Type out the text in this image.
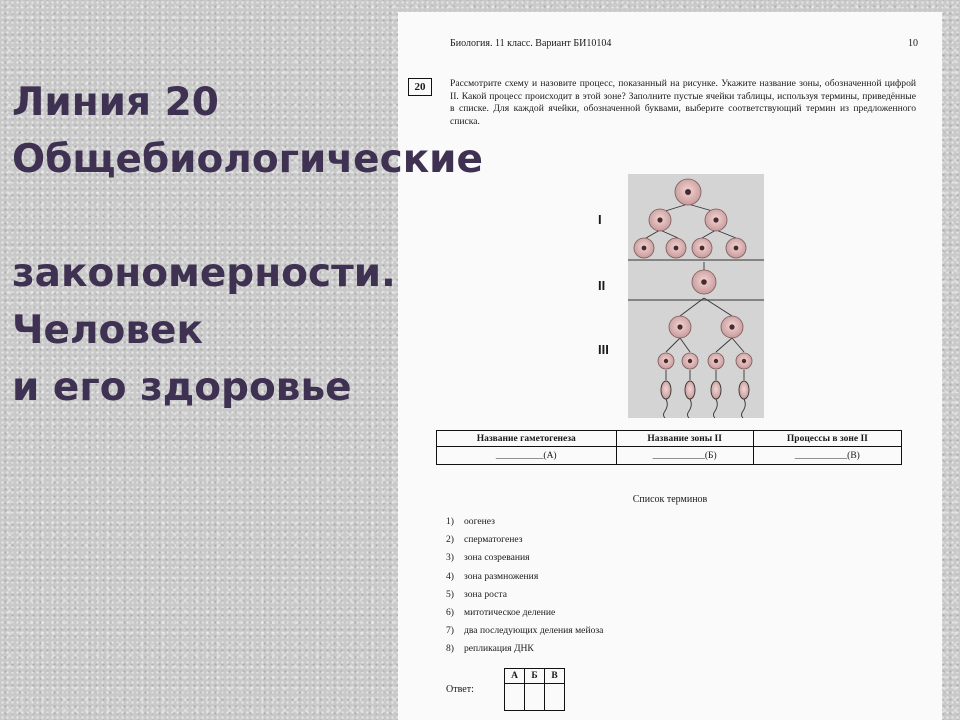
Линия 20
Общебиологические
закономерности.
Человек
и его здоровье
Биология. 11 класс. Вариант БИ10104	10
20	Рассмотрите схему и назовите процесс, показанный на рисунке. Укажите название зоны, обозначенной цифрой II. Какой процесс происходит в этой зоне? Заполните пустые ячейки таблицы, используя термины, приведённые в списке. Для каждой ячейки, обозначенной буквами, выберите соответствующий термин из предложенного списка.
I
II
III
Название гаметогенеза	Название зоны II	Процессы в зоне II
__________(А)	___________(Б)	___________(В)
Список терминов
1)	оогенез
2)	сперматогенез
3)	зона созревания
4)	зона размножения
5)	зона роста
6)	митотическое деление
7)	два последующих деления мейоза
8)	репликация ДНК
Ответ:
А	Б	В
